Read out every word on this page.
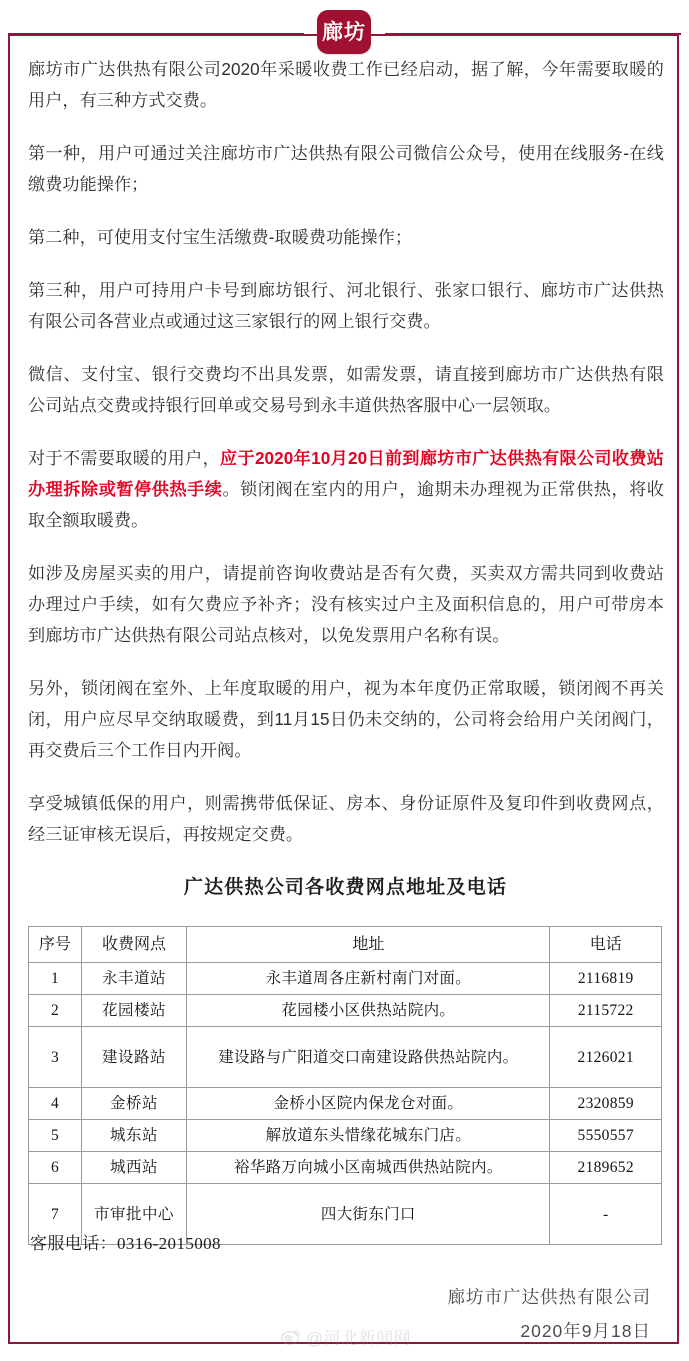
廊坊

廊坊市广达供热有限公司2020年采暖收费工作已经启动，据了解，今年需要取暖的用户，有三种方式交费。

第一种，用户可通过关注廊坊市广达供热有限公司微信公众号，使用在线服务-在线缴费功能操作；

第二种，可使用支付宝生活缴费-取暖费功能操作；

第三种，用户可持用户卡号到廊坊银行、河北银行、张家口银行、廊坊市广达供热有限公司各营业点或通过这三家银行的网上银行交费。

微信、支付宝、银行交费均不出具发票，如需发票，请直接到廊坊市广达供热有限公司站点交费或持银行回单或交易号到永丰道供热客服中心一层领取。

对于不需要取暖的用户，应于2020年10月20日前到廊坊市广达供热有限公司收费站办理拆除或暂停供热手续。锁闭阀在室内的用户，逾期未办理视为正常供热，将收取全额取暖费。

如涉及房屋买卖的用户，请提前咨询收费站是否有欠费，买卖双方需共同到收费站办理过户手续，如有欠费应予补齐；没有核实过户主及面积信息的，用户可带房本到廊坊市广达供热有限公司站点核对，以免发票用户名称有误。

另外，锁闭阀在室外、上年度取暖的用户，视为本年度仍正常取暖，锁闭阀不再关闭，用户应尽早交纳取暖费，到11月15日仍未交纳的，公司将会给用户关闭阀门，再交费后三个工作日内开阀。

享受城镇低保的用户，则需携带低保证、房本、身份证原件及复印件到收费网点，经三证审核无误后，再按规定交费。

广达供热公司各收费网点地址及电话
序号	收费网点	地址	电话
1	永丰道站	永丰道周各庄新村南门对面。	2116819
2	花园楼站	花园楼小区供热站院内。	2115722
3	建设路站	建设路与广阳道交口南建设路供热站院内。	2126021
4	金桥站	金桥小区院内保龙仓对面。	2320859
5	城东站	解放道东头惜缘花城东门店。	5550557
6	城西站	裕华路万向城小区南城西供热站院内。	2189652
7	市审批中心	四大街东门口	-
客服电话：0316-2015008
廊坊市广达供热有限公司
2020年9月18日
@河北新闻网
